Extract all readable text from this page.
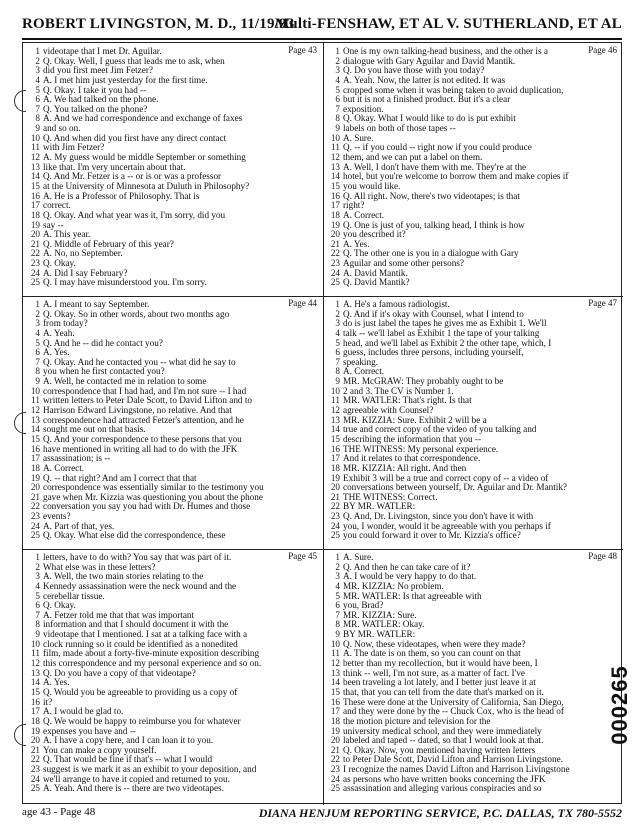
ROBERT LIVINGSTON, M. D., 11/19/93
Multi-FENSHAW, ET AL V. SUTHERLAND, ET AL
Page 43
1 videotape that I met Dr. Aguilar.
2 Q. Okay. Well, I guess that leads me to ask, when
3 did you first meet Jim Fetzer?
4 A. I met him just yesterday for the first time.
5 Q. Okay. I take it you had --
6 A. We had talked on the phone.
7 Q. You talked on the phone?
8 A. And we had correspondence and exchange of faxes
9 and so on.
10 Q. And when did you first have any direct contact
11 with Jim Fetzer?
12 A. My guess would be middle September or something
13 like that. I'm very uncertain about that.
14 Q. And Mr. Fetzer is a -- or is or was a professor
15 at the University of Minnesota at Duluth in Philosophy?
16 A. He is a Professor of Philosophy. That is
17 correct.
18 Q. Okay. And what year was it, I'm sorry, did you
19 say --
20 A. This year.
21 Q. Middle of February of this year?
22 A. No, no September.
23 Q. Okay.
24 A. Did I say February?
25 Q. I may have misunderstood you. I'm sorry.
Page 46
1 One is my own talking-head business, and the other is a
2 dialogue with Gary Aguilar and David Mantik.
3 Q. Do you have those with you today?
4 A. Yeah. Now, the latter is not edited. It was
5 cropped some when it was being taken to avoid duplication,
6 but it is not a finished product. But it's a clear
7 exposition.
8 Q. Okay. What I would like to do is put exhibit
9 labels on both of those tapes --
10 A. Sure.
11 Q. -- if you could -- right now if you could produce
12 them, and we can put a label on them.
13 A. Well, I don't have them with me. They're at the
14 hotel, but you're welcome to borrow them and make copies if
15 you would like.
16 Q. All right. Now, there's two videotapes; is that
17 right?
18 A. Correct.
19 Q. One is just of you, talking head, I think is how
20 you described it?
21 A. Yes.
22 Q. The other one is you in a dialogue with Gary
23 Aguilar and some other persons?
24 A. David Mantik.
25 Q. David Mantik?
Page 44
1 A. I meant to say September.
2 Q. Okay. So in other words, about two months ago
3 from today?
4 A. Yeah.
5 Q. And he -- did he contact you?
6 A. Yes.
7 Q. Okay. And he contacted you -- what did he say to
8 you when he first contacted you?
9 A. Well, he contacted me in relation to some
10 correspondence that I had had, and I'm not sure -- I had
11 written letters to Peter Dale Scott, to David Lifton and to
12 Harrison Edward Livingstone, no relative. And that
13 correspondence had attracted Fetzer's attention, and he
14 sought me out on that basis.
15 Q. And your correspondence to these persons that you
16 have mentioned in writing all had to do with the JFK
17 assassination; is --
18 A. Correct.
19 Q. -- that right? And am I correct that that
20 correspondence was essentially similar to the testimony you
21 gave when Mr. Kizzia was questioning you about the phone
22 conversation you say you had with Dr. Humes and those
23 events?
24 A. Part of that, yes.
25 Q. Okay. What else did the correspondence, these
Page 47
1 A. He's a famous radiologist.
2 Q. And if it's okay with Counsel, what I intend to
3 do is just label the tapes he gives me as Exhibit 1. We'll
4 talk -- we'll label as Exhibit 1 the tape of your talking
5 head, and we'll label as Exhibit 2 the other tape, which, I
6 guess, includes three persons, including yourself,
7 speaking.
8 A. Correct.
9 MR. McGRAW: They probably ought to be
10 2 and 3. The CV is Number 1.
11 MR. WATLER: That's right. Is that
12 agreeable with Counsel?
13 MR. KIZZIA: Sure. Exhibit 2 will be a
14 true and correct copy of the video of you talking and
15 describing the information that you --
16 THE WITNESS: My personal experience.
17 And it relates to that correspondence.
18 MR. KIZZIA: All right. And then
19 Exhibit 3 will be a true and correct copy of -- a video of
20 conversations between yourself, Dr. Aguilar and Dr. Mantik?
21 THE WITNESS: Correct.
22 BY MR. WATLER:
23 Q. And, Dr. Livingston, since you don't have it with
24 you, I wonder, would it be agreeable with you perhaps if
25 you could forward it over to Mr. Kizzia's office?
Page 45
1 letters, have to do with? You say that was part of it.
2 What else was in these letters?
3 A. Well, the two main stories relating to the
4 Kennedy assassination were the neck wound and the
5 cerebellar tissue.
6 Q. Okay.
7 A. Fetzer told me that that was important
8 information and that I should document it with the
9 videotape that I mentioned. I sat at a talking face with a
10 clock running so it could be identified as a nonedited
11 film, made about a forty-five-minute exposition describing
12 this correspondence and my personal experience and so on.
13 Q. Do you have a copy of that videotape?
14 A. Yes.
15 Q. Would you be agreeable to providing us a copy of
16 it?
17 A. I would be glad to.
18 Q. We would be happy to reimburse you for whatever
19 expenses you have and --
20 A. I have a copy here, and I can loan it to you.
21 You can make a copy yourself.
22 Q. That would be fine if that's -- what I would
23 suggest is we mark it as an exhibit to your deposition, and
24 we'll arrange to have it copied and returned to you.
25 A. Yeah. And there is -- there are two videotapes.
Page 48
1 A. Sure.
2 Q. And then he can take care of it?
3 A. I would be very happy to do that.
4 MR. KIZZIA: No problem.
5 MR. WATLER: Is that agreeable with
6 you, Brad?
7 MR. KIZZIA: Sure.
8 MR. WATLER: Okay.
9 BY MR. WATLER:
10 Q. Now, these videotapes, when were they made?
11 A. The date is on them, so you can count on that
12 better than my recollection, but it would have been, I
13 think -- well, I'm not sure, as a matter of fact. I've
14 been traveling a lot lately, and I better just leave it at
15 that, that you can tell from the date that's marked on it.
16 These were done at the University of California, San Diego,
17 and they were done by the -- Chuck Cox, who is the head of
18 the motion picture and television for the
19 university medical school, and they were immediately
20 labeled and taped -- dated, so that I would look at that.
21 Q. Okay. Now, you mentioned having written letters
22 to Peter Dale Scott, David Lifton and Harrison Livingstone.
23 I recognize the names David Lifton and Harrison Livingstone
24 as persons who have written books concerning the JFK
25 assassination and alleging various conspiracies and so
000265
age 43 - Page 48	DIANA HENJUM REPORTING SERVICE, P.C. DALLAS, TX 780-5552
